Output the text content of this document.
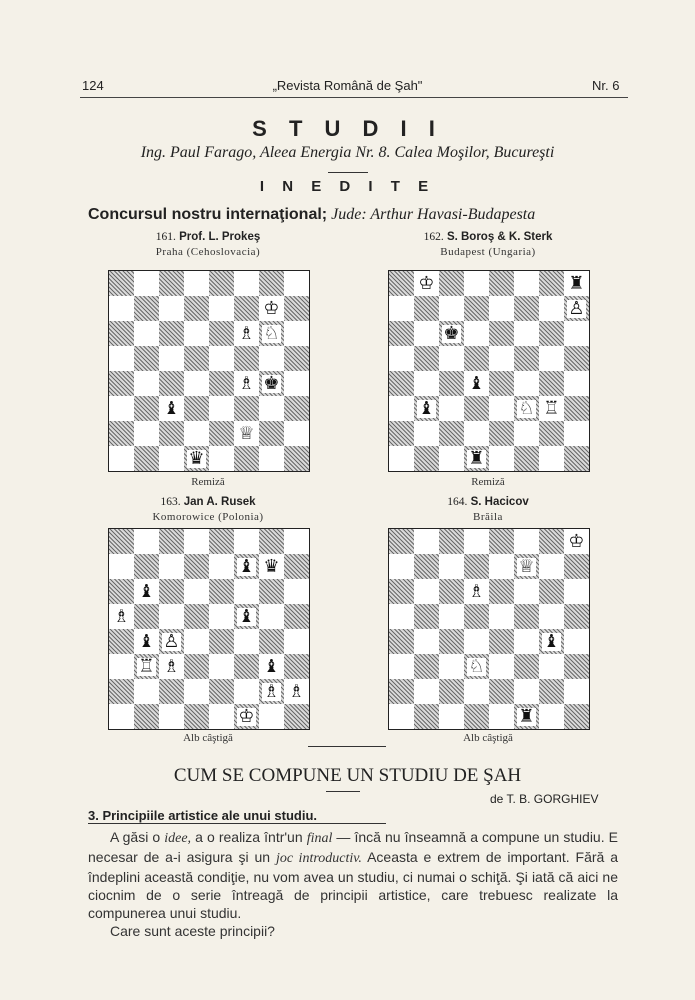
124	„Revista Română de Şah"	Nr. 6
S T U D I I
Ing. Paul Farago, Aleea Energia Nr. 8. Calea Moşilor, Bucureşti
I N E D I T E
Concursul nostru internaţional; Jude: Arthur Havasi-Budapesta
161. Prof. L. Prokeş
Praha (Cehoslovacia)
♔
♗ ♘
♗ ♚
♝
♕
♛
Remiză
162. S. Boroş & K. Sterk
Budapest (Ungaria)
♔	♜
♙
♚
♝
♝	♘ ♖
♜
Remiză
163. Jan A. Rusek
Komorowice (Polonia)
♝ ♛
♝
♗	♝
♝ ♙
♖ ♗	♝
♗ ♗
♔
Alb câştigă
164. S. Hacicov
Brăila
♔
♕
♗
♝
♘
♜
Alb câştigă
CUM SE COMPUNE UN STUDIU DE ŞAH
de T. B. GORGHIEV
3. Principiile artistice ale unui studiu.

A găsi o idee, a o realiza într'un final — încă nu înseamnă a compune un studiu. E necesar de a-i asigura şi un joc introductiv. Aceasta e extrem de important. Fără a îndeplini această condiţie, nu vom avea un studiu, ci numai o schiţă. Şi iată că aici ne ciocnim de o serie întreagă de principii artistice, care trebuesc realizate la compunerea unui studiu.

Care sunt aceste principii?
